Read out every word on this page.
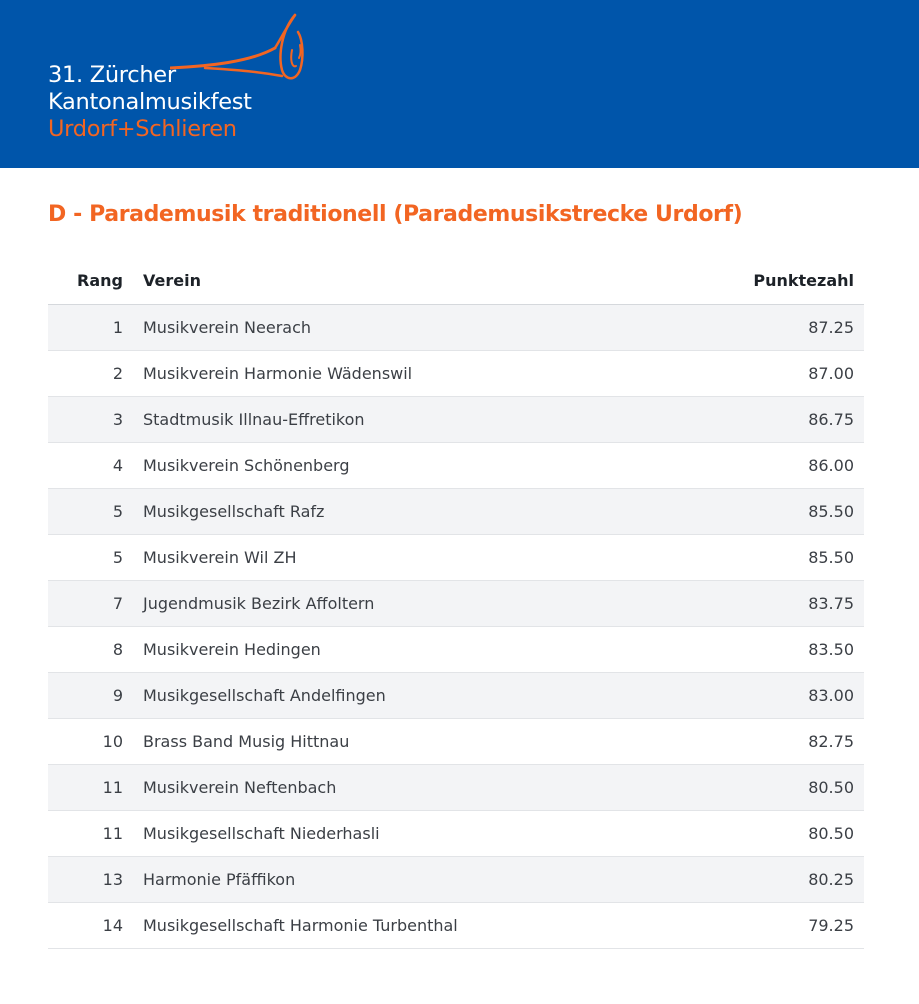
31. Zürcher
Kantonalmusikfest
Urdorf+Schlieren
D - Parademusik traditionell (Parademusikstrecke Urdorf)
Rang	Verein	Punktezahl
1	Musikverein Neerach	87.25
2	Musikverein Harmonie Wädenswil	87.00
3	Stadtmusik Illnau-Effretikon	86.75
4	Musikverein Schönenberg	86.00
5	Musikgesellschaft Rafz	85.50
5	Musikverein Wil ZH	85.50
7	Jugendmusik Bezirk Affoltern	83.75
8	Musikverein Hedingen	83.50
9	Musikgesellschaft Andelfingen	83.00
10	Brass Band Musig Hittnau	82.75
11	Musikverein Neftenbach	80.50
11	Musikgesellschaft Niederhasli	80.50
13	Harmonie Pfäffikon	80.25
14	Musikgesellschaft Harmonie Turbenthal	79.25
